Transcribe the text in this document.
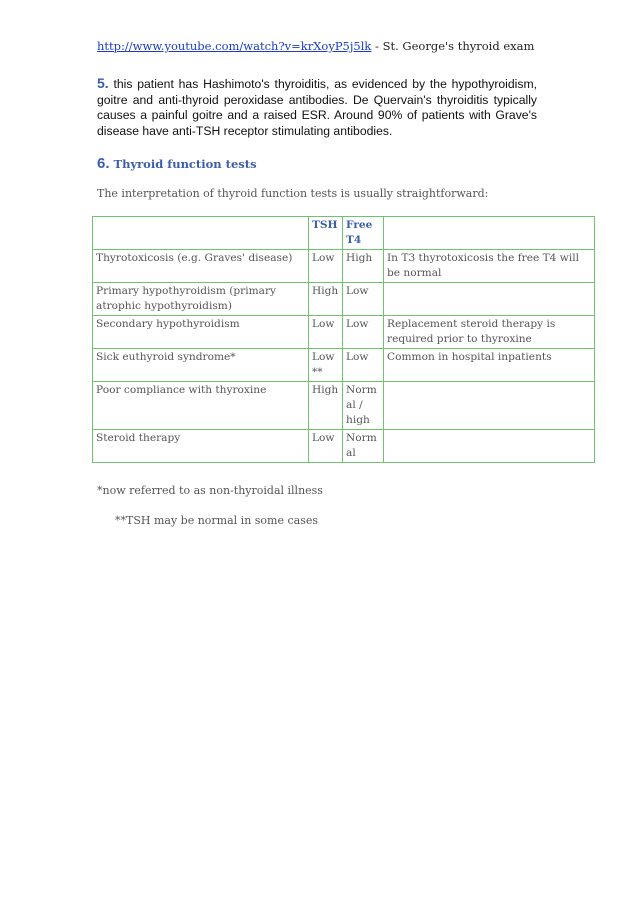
http://www.youtube.com/watch?v=krXoyP5j5lk - St. George's thyroid exam
5. this patient has Hashimoto's thyroiditis, as evidenced by the hypothyroidism, goitre and anti-thyroid peroxidase antibodies. De Quervain's thyroiditis typically causes a painful goitre and a raised ESR. Around 90% of patients with Grave's disease have anti-TSH receptor stimulating antibodies.
6. Thyroid function tests
The interpretation of thyroid function tests is usually straightforward:
	TSH	Free T4	
Thyrotoxicosis (e.g. Graves' disease)	Low	High	In T3 thyrotoxicosis the free T4 will be normal
Primary hypothyroidism (primary atrophic hypothyroidism)	High	Low	
Secondary hypothyroidism	Low	Low	Replacement steroid therapy is required prior to thyroxine
Sick euthyroid syndrome*	Low**	Low	Common in hospital inpatients
Poor compliance with thyroxine	High	Normal / high	
Steroid therapy	Low	Normal	
*now referred to as non-thyroidal illness
**TSH may be normal in some cases
